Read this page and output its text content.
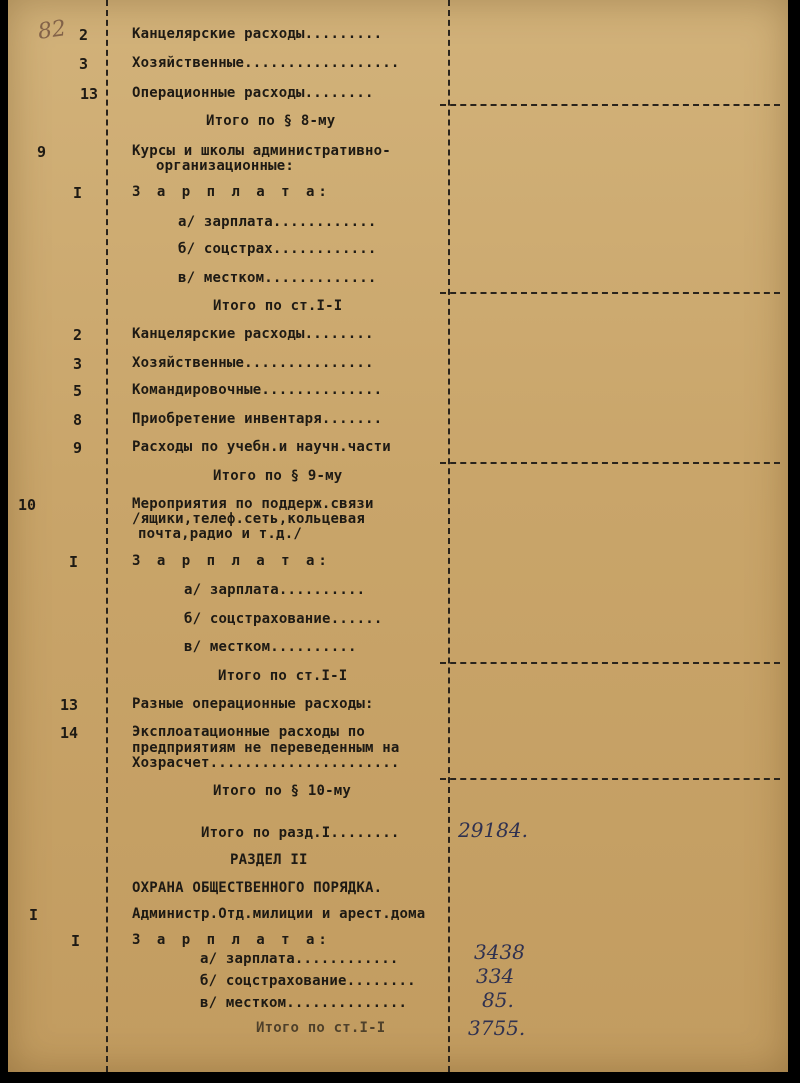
82 2
3
13
9
I
2
3
5
8
9
10
I
13
14
I
I
Канцелярские расходы.........
Хозяйственные..................
Операционные расходы........
Итого по § 8-му
Курсы и школы административно-
организационные:
З а р п л а т а:
а/ зарплата............
б/ соцстрах............
в/ местком.............
Итого по ст.I-I
Канцелярские расходы........
Хозяйственные...............
Командировочные..............
Приобретение инвентаря.......
Расходы по учебн.и научн.части
Итого по § 9-му
Мероприятия по поддерж.связи
/ящики,телеф.сеть,кольцевая
почта,радио и т.д./
З а р п л а т а:
а/ зарплата..........
б/ соцстрахование......
в/ местком..........
Итого по ст.I-I
Разные операционные расходы:
Эксплоатационные расходы по
предприятиям не переведенным на
Хозрасчет......................
Итого по § 10-му
Итого по разд.I........
РАЗДЕЛ II
ОХРАНА ОБЩЕСТВЕННОГО ПОРЯДКА.
Администр.Отд.милиции и арест.дома
З а р п л а т а:
а/ зарплата............
б/ соцстрахование........
в/ местком..............
Итого по ст.I-I
29184.
3438
334
85.
3755.
